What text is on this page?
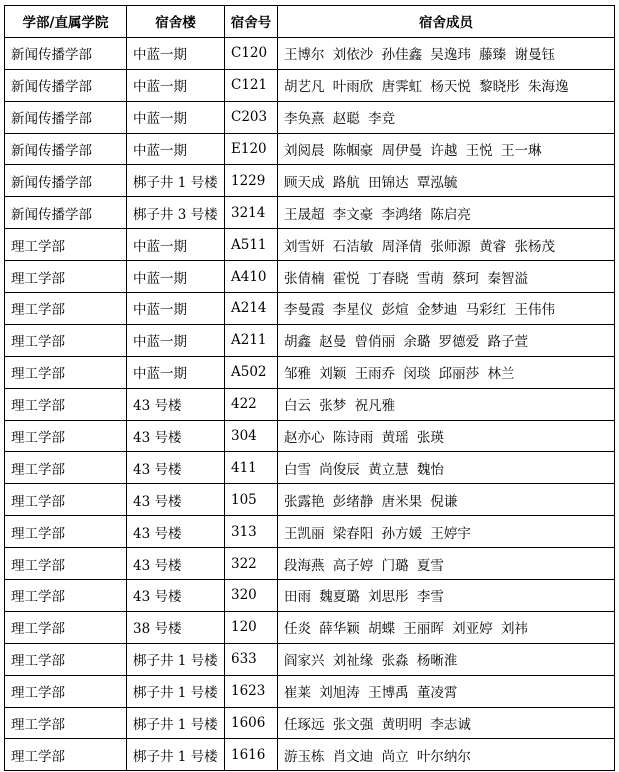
学部/直属学院	宿舍楼	宿舍号	宿舍成员
新闻传播学部	中蓝一期	C120	王博尔 刘依沙 孙佳鑫 吴逸玮 藤臻 谢曼钰
新闻传播学部	中蓝一期	C121	胡艺凡 叶雨欣 唐霁虹 杨天悦 黎晓彤 朱海逸
新闻传播学部	中蓝一期	C203	李奂熹 赵聪 李竞
新闻传播学部	中蓝一期	E120	刘阅晨 陈帼豪 周伊曼 许越 王悦 王一琳
新闻传播学部	梆子井 1 号楼	1229	顾天成 路航 田锦达 覃泓毓
新闻传播学部	梆子井 3 号楼	3214	王晟超 李文豪 李鸿绪 陈启亮
理工学部	中蓝一期	A511	刘雪妍 石洁敏 周泽倩 张师源 黄睿 张杨茂
理工学部	中蓝一期	A410	张倩楠 霍悦 丁春晓 雪萌 蔡珂 秦智溢
理工学部	中蓝一期	A214	李曼霞 李星仪 彭煊 金梦迪 马彩红 王伟伟
理工学部	中蓝一期	A211	胡鑫 赵曼 曾俏丽 余璐 罗德爱 路子萱
理工学部	中蓝一期	A502	邹雅 刘颖 王雨乔 闵琰 邱丽莎 林兰
理工学部	43 号楼	422	白云 张梦 祝凡雅
理工学部	43 号楼	304	赵亦心 陈诗雨 黄瑶 张瑛
理工学部	43 号楼	411	白雪 尚俊辰 黄立慧 魏怡
理工学部	43 号楼	105	张露艳 彭绪静 唐米果 倪谦
理工学部	43 号楼	313	王凯丽 梁春阳 孙方媛 王婷宇
理工学部	43 号楼	322	段海燕 高子婷 门璐 夏雪
理工学部	43 号楼	320	田雨 魏夏璐 刘思彤 李雪
理工学部	38 号楼	120	任炎 薛华颖 胡蝶 王丽晖 刘亚婷 刘祎
理工学部	梆子井 1 号楼	633	阎家兴 刘祉缘 张淼 杨晰淮
理工学部	梆子井 1 号楼	1623	崔莱 刘旭涛 王博禹 董凌霄
理工学部	梆子井 1 号楼	1606	任琢远 张文强 黄明明 李志诚
理工学部	梆子井 1 号楼	1616	游玉栋 肖文迪 尚立 叶尔纳尔
